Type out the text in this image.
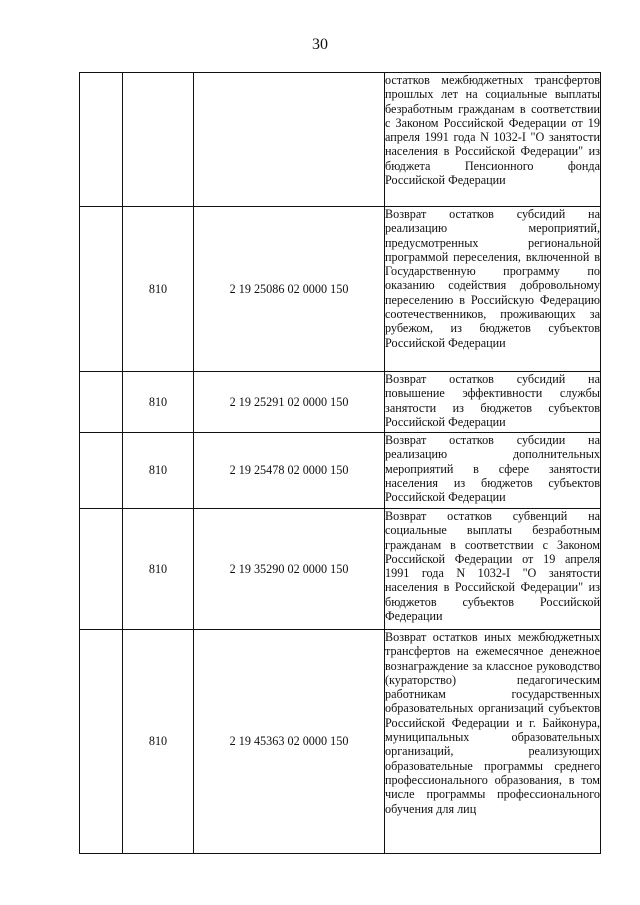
30

			остатков межбюджетных трансфертов прошлых лет на социальные выплаты безработным гражданам в соответствии с Законом Российской Федерации от 19 апреля 1991 года N 1032-I "О занятости населения в Российской Федерации" из бюджета Пенсионного фонда Российской Федерации

	810	2 19 25086 02 0000 150	Возврат остатков субсидий на реализацию мероприятий, предусмотренных региональной программой переселения, включенной в Государственную программу по оказанию содействия добровольному переселению в Российскую Федерацию соотечественников, проживающих за рубежом, из бюджетов субъектов Российской Федерации

	810	2 19 25291 02 0000 150	Возврат остатков субсидий на повышение эффективности службы занятости из бюджетов субъектов Российской Федерации

	810	2 19 25478 02 0000 150	Возврат остатков субсидии на реализацию дополнительных мероприятий в сфере занятости населения из бюджетов субъектов Российской Федерации

	810	2 19 35290 02 0000 150	Возврат остатков субвенций на социальные выплаты безработным гражданам в соответствии с Законом Российской Федерации от 19 апреля 1991 года N 1032-I "О занятости населения в Российской Федерации" из бюджетов субъектов Российской Федерации

	810	2 19 45363 02 0000 150	Возврат остатков иных межбюджетных трансфертов на ежемесячное денежное вознаграждение за классное руководство (кураторство) педагогическим работникам государственных образовательных организаций субъектов Российской Федерации и г. Байконура, муниципальных образовательных организаций, реализующих образовательные программы среднего профессионального образования, в том числе программы профессионального обучения для лиц
